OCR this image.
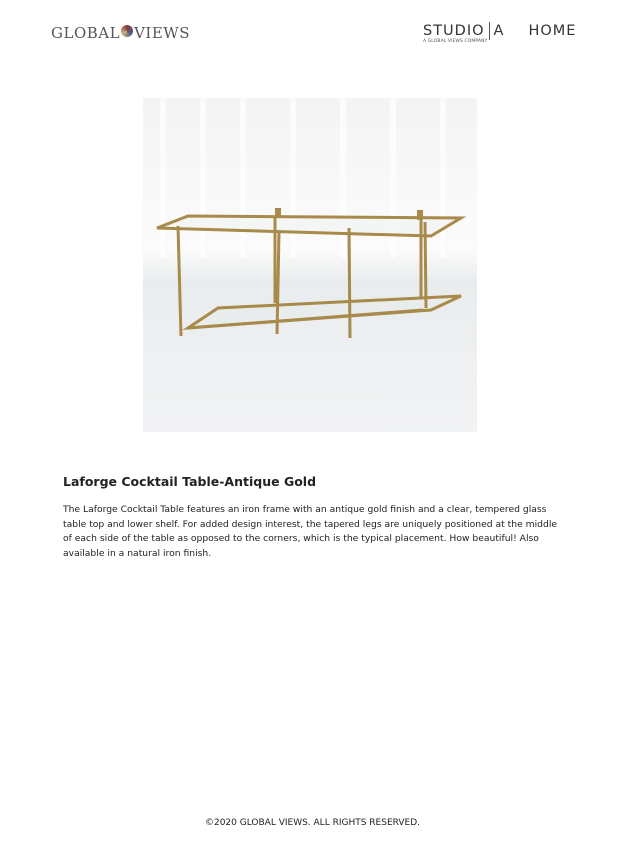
GLOBAL VIEWS	STUDIO A HOME
A GLOBAL VIEWS COMPANY
Laforge Cocktail Table-Antique Gold

The Laforge Cocktail Table features an iron frame with an antique gold finish and a clear, tempered glass table top and lower shelf. For added design interest, the tapered legs are uniquely positioned at the middle of each side of the table as opposed to the corners, which is the typical placement. How beautiful! Also available in a natural iron finish.

©2020 GLOBAL VIEWS. ALL RIGHTS RESERVED.
